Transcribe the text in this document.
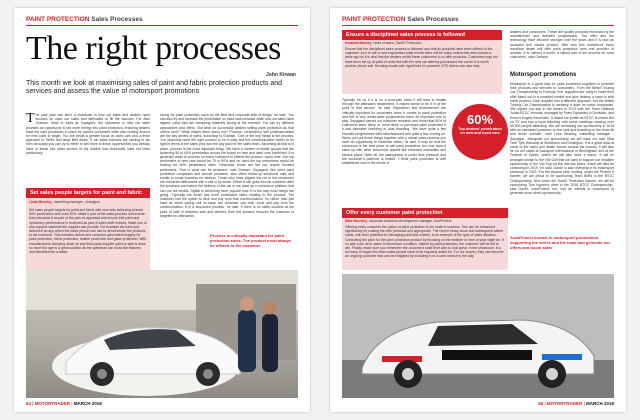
PAINT PROTECTION Sales Processes
The right processes
John Kirwan
This month we look at maximising sales of paint and fabric protection products and services and assess the value of motorsport promotions
The past year has seen a slowdown in new car sales and dealers have focused on used car sales and aftersales to fill the vacuum. For Alan Graham, head of sales at Supagard, the slowdown in new car sales provides an opportunity to put more energy into paint protection, ensuring dealers have the right processes in place for current customers while also looking around for new ones to target. 'No one treats a greater focus on used cars and a fresh approach to SMEs and large fleet deals.' If car sales volumes are starting to dip then obviously you can try to either to sell more to those opportunities you already have or break into other sectors of the market that historically have not been particularly
strong for paint protection, such as the fleet and corporate side of things,' he said. 'You can also try and increase the penetration on used cars because while new car sales have dipped, used cars are remaining relatively strong at the moment. You can try different approaches and offers.' But what do successful dealers selling paint protection do that others don't? What makes them stand out? Process, consistency and professionalism are the key drivers of sales, according to Graham. 'One of the key things is the process. You obviously need the right product to be in play and the communication needs to be right in terms of the sales prior and the pay plan for the sales team. Assuming all that is in place, process is the most important thing. 'We have a number of dealer groups that are achieving 50 to 60% penetration across the board on new and used cars combined. It is generally down to process on every customer is offered the product, every time. Our top performers in new cars would be 70 to 80% and on used the top performers would be looking for 60% penetration rates. Obviously, these are the top results focused performers. That is what can be achieved,' said Graham. Supagard, like other paint protection companies and service providers, also offers follow-up telephone calls and emails to boost business for dealers. Those who have slipped the net in the showroom are contacted afterwards with a call or by email. 'Either a call goes into the customer after the purchase and before the delivery of the car or we have an e-commerce platform that can put out emails. Digital is becoming more popular now. It is the way most things are going. 'Typically the email has more embedded video relating to the product. The customer has the option to click and buy from that communication. So rather than just have an email saying call us back, the customer can click, book and pay from the communication. It is a structured process,' he said. If there is no sales success at the point of sale in between sale and delivery, then the process ensures the customer is targeted by afterwards.
Set sales people targets for paint and fabric
Linda Beasley, marketing manager , Autoglym
Set sales people targets for paint and fabric with new sets achieving at least 50% penetration and used 30%. Make it part of the sales process and ensure they introduce it as part of the part-ex appraisal and ensure that paint and upholstery performance is reviewed as part of sales staff reviews. Make use of any support materials the supplier can provide. For example we have just launched an app which the sales person can use to demonstrate the products to the customer. This includes videos and computer-generated imagery for paint protection, fabric protection, leather protection and glass protection. With manufacturers clamping down on any third-party supplier paint or sale is done no more the age is a great solution as the salesman can show the features and benefits from a tablet.
Process is critically important for paint protection sales. The product must always be offered to the customer
64 | MOTORTRADER | MARCH 2019
PAINT PROTECTION Sales Processes
Ensure a disciplined sales process is followed
Amanda Massey, head of sales, GardX Protection
Ensure that the disciplined sales process is followed and that all products have been offered to the customer. As it is with a new registration plate month there will be many orders that were placed a while ago so it is vital that the dealers revisit these customers to re-offer products. Customers may not have been set up at point of order but with the new car delivery just around the corner it is worth another phone call. Sending emails with hyperlinks for powerful CPD videos can also help.
Typically for us if it is on a post-sale basis it will lead to emails through the aftersales department. It makes sense to tie it in at the point of first service,' he said. Reputation and endorsement are critically important for customers when it comes to paint protection and this is why whole-label programmes have an important role to play. Supagard carried out customer research and found that 60% of customers were 'likely' or 'more likely' to purchase paint protection if it had carmaker branding or dual branding. 'We have quite a few branded programmes with manufacturers and quite a few coming on. When you put those things together with a robust sales process you have an opportunity to maximise sales,' he said. It may be that the showroom is the best place to sell paint protection, but how does it stack up with other showroom upsells like extended warranties and service plans? After all, the salesperson is under time pressure and the customer's patience is limited. 'I think paint protection is well established now in the minds of
60%
Top dealers' penetration on new and used cars
dealers and consumers. These are quality products endorsed by the manufacturer and branded programmes. The offer and the technology have become stronger over the years and it is now an accepted and valued product. With very few exceptions every franchise dealer will offer paint protection from one provider or another. It is, without a doubt, a valued part of the process for most customers,' said Graham.
Motorsport promotions
Motorsport is a great way for paint protection suppliers to promote their products and services to consumers. From the British Touring Car Championship to Formula One, suppliers are vying to make their offer stand out in a crowded market and give dealers a hand to shift some product. Each supplier has a different approach, but the British Touring Car Championship is certainly a draw for some companies. 'We signed our star in the series in 2013 with the Team Halfords Yuasa BTCC Hondas, managed by Team Dynamics in Droitwich, and found it hugely successful. It raised our profile as BTCC is shown live on TV and has a loyal following with some meetings causing over 30,000 people attending. We are increasing our sponsorship in 2018 with an increased presence on the cars and branding on the team kit and driver overalls,' said Lena Beasley, marketing manager , Autoglym. 'Alongside our sponsorship we will have our own Ultra Tech Tyre Warranty at Snetterton and Donington. It is a great draw at some of the races and dealer events around the country. It will also be on our stand at Autosport International in Birmingham and at the Festival of Speed, where we will also have a stand.' It will be arranged similar to the VW Golf that we used to support our headline sponsorship of the VW Cup for the last two years, which will also be continuing in 2019,' he said. GardX is also investing in its motorsport presence in 2019. 'For the second year running, under the Protect X banner, we are proud to be sponsoring Team BMW in the BTCC Championship. And under the GardX Protection banner, we will be sponsoring Tom Ingram's drive in the 2018 BTCC Championship,' said GardX. AutoProtect, too, has an interest in motorsport to generate more direct sponsorship.
Offer every customer paint protection
Mike Mousley, corporate business development manager, AutoProtect
Offering every customer the option of paint protection is the route to success. This can be enhanced significantly by making the offer personal and appropriate. The recent heavy snow and subsequent salted roads, with their potential for damaging paint and wheels, is an example of the type of sales situation. Controlling the pitch for the paint protection product by focusing on the weather or time of year might be. If on sale such as in cases to showroom condition, helped by paint protection, the customer will be left to win. Finally, make sure you remember the customers want their cars to look great. In the showroom, it is not easy to forget this when sales people have to be regularly asked for. For our buyers, they can become an ongoing customer that can be mitigated by including it on a car's invoice in the way.
AutoProtect invests in motorsport promotions, supporting the series and the team and generate our offers and boost sales
65 | MOTORTRADER | MARCH 2019
